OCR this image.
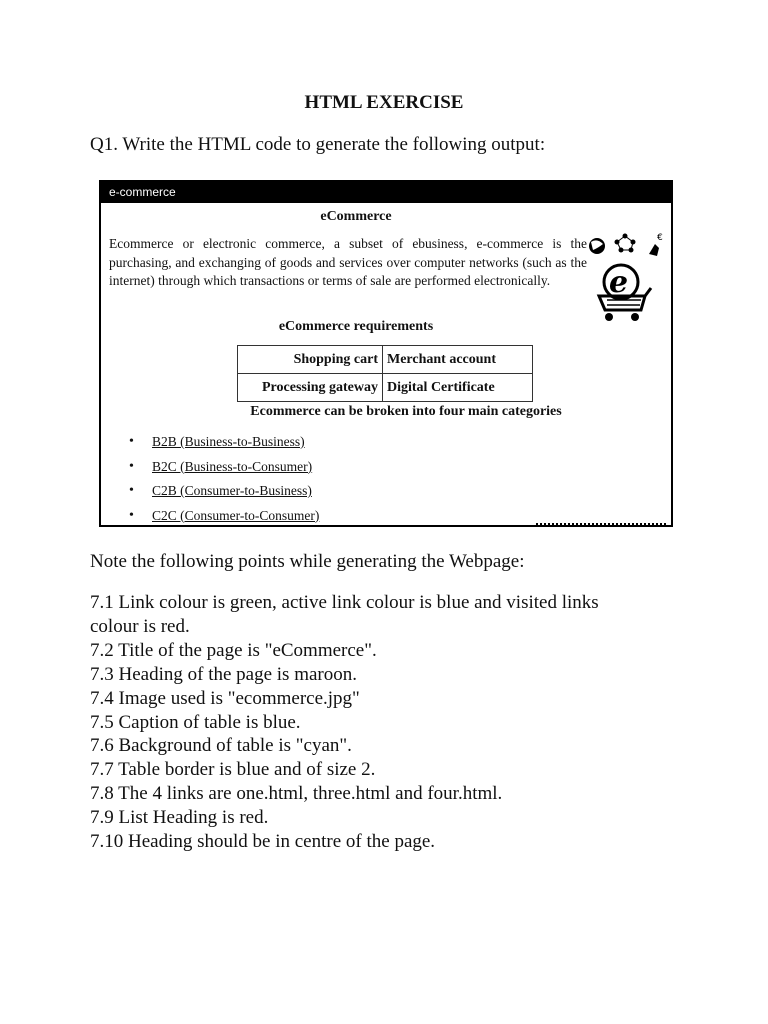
HTML EXERCISE

Q1. Write the HTML code to generate the following output:

e-commerce
eCommerce
Ecommerce or electronic commerce, a subset of ebusiness, e-commerce is the purchasing, and exchanging of goods and services over computer networks (such as the internet) through which transactions or terms of sale are performed electronically.
€
e
eCommerce requirements
Shopping cart	Merchant account
Processing gateway	Digital Certificate
Ecommerce can be broken into four main categories
• B2B (Business-to-Business)
• B2C (Business-to-Consumer)
• C2B (Consumer-to-Business)
• C2C (Consumer-to-Consumer)

Note the following points while generating the Webpage:

7.1 Link colour is green, active link colour is blue and visited links colour is red.
7.2 Title of the page is "eCommerce".
7.3 Heading of the page is maroon.
7.4 Image used is "ecommerce.jpg"
7.5 Caption of table is blue.
7.6 Background of table is "cyan".
7.7 Table border is blue and of size 2.
7.8 The 4 links are one.html, three.html and four.html.
7.9 List Heading is red.
7.10 Heading should be in centre of the page.
